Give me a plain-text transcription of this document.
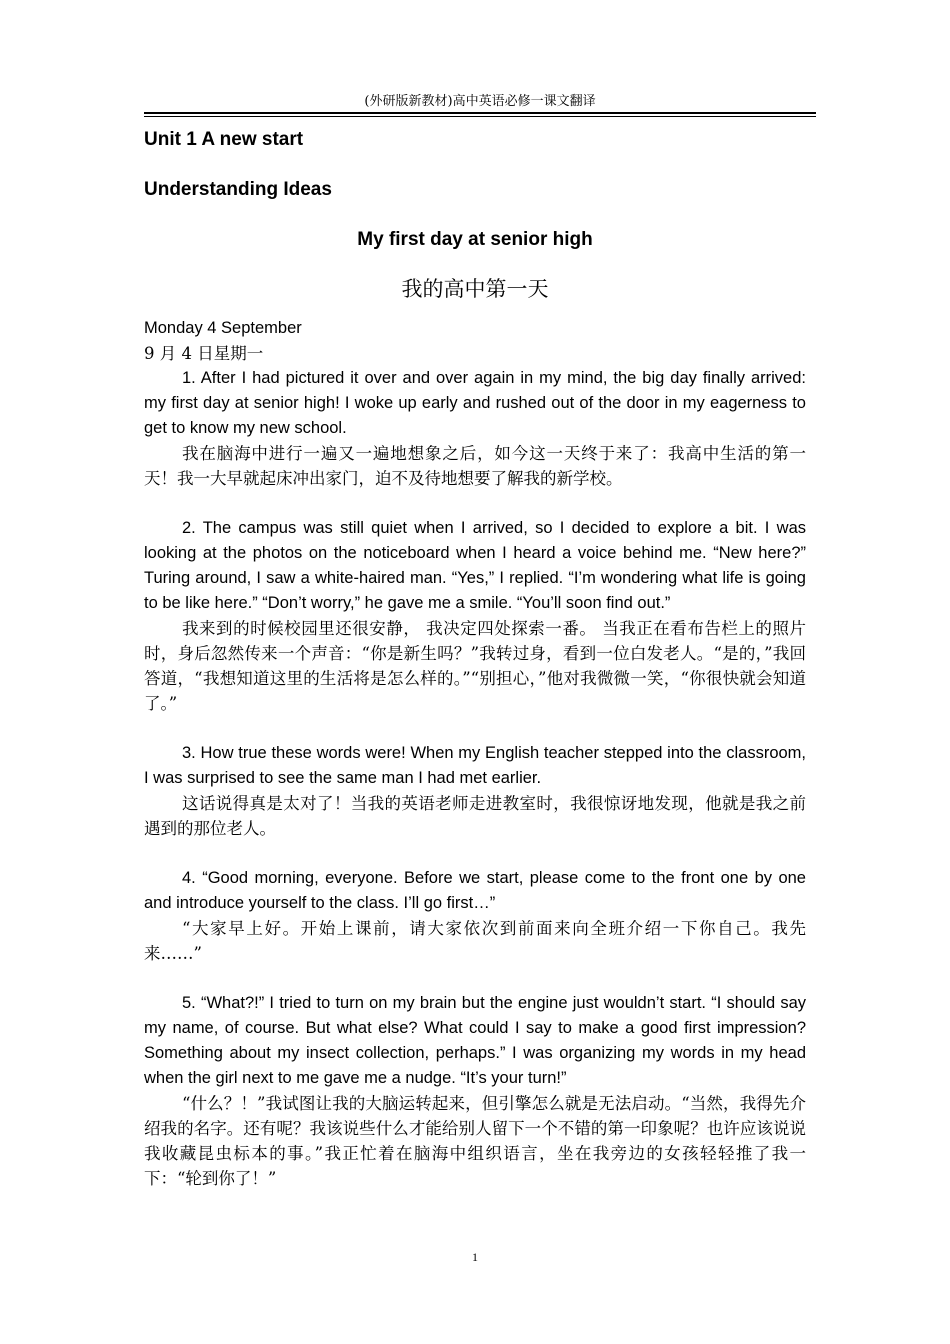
(外研版新教材)高中英语必修一课文翻译
Unit 1 A new start
Understanding Ideas
My first day at senior high
我的高中第一天
Monday 4 September
9 月 4 日星期一

1. After I had pictured it over and over again in my mind, the big day finally arrived: my first day at senior high! I woke up early and rushed out of the door in my eagerness to get to know my new school.

我在脑海中进行一遍又一遍地想象之后，如今这一天终于来了：我高中生活的第一天！我一大早就起床冲出家门，迫不及待地想要了解我的新学校。

2. The campus was still quiet when I arrived, so I decided to explore a bit. I was looking at the photos on the noticeboard when I heard a voice behind me. “New here?” Turing around, I saw a white-haired man. “Yes,” I replied. “I’m wondering what life is going to be like here.” “Don’t worry,” he gave me a smile. “You’ll soon find out.”

我来到的时候校园里还很安静， 我决定四处探索一番。 当我正在看布告栏上的照片时，身后忽然传来一个声音：“你是新生吗？”我转过身，看到一位白发老人。“是的，”我回答道，“我想知道这里的生活将是怎么样的。”“别担心，”他对我微微一笑，“你很快就会知道了。”

3. How true these words were! When my English teacher stepped into the classroom, I was surprised to see the same man I had met earlier.

这话说得真是太对了！当我的英语老师走进教室时，我很惊讶地发现，他就是我之前遇到的那位老人。

4. “Good morning, everyone. Before we start, please come to the front one by one and introduce yourself to the class. I’ll go first…”

“大家早上好。开始上课前，请大家依次到前面来向全班介绍一下你自己。我先来……”

5. “What?!” I tried to turn on my brain but the engine just wouldn’t start. “I should say my name, of course. But what else? What could I say to make a good first impression? Something about my insect collection, perhaps.” I was organizing my words in my head when the girl next to me gave me a nudge. “It’s your turn!”

“什么？！”我试图让我的大脑运转起来，但引擎怎么就是无法启动。“当然，我得先介绍我的名字。还有呢？我该说些什么才能给别人留下一个不错的第一印象呢？也许应该说说我收藏昆虫标本的事。”我正忙着在脑海中组织语言，坐在我旁边的女孩轻轻推了我一下：“轮到你了！”

1
